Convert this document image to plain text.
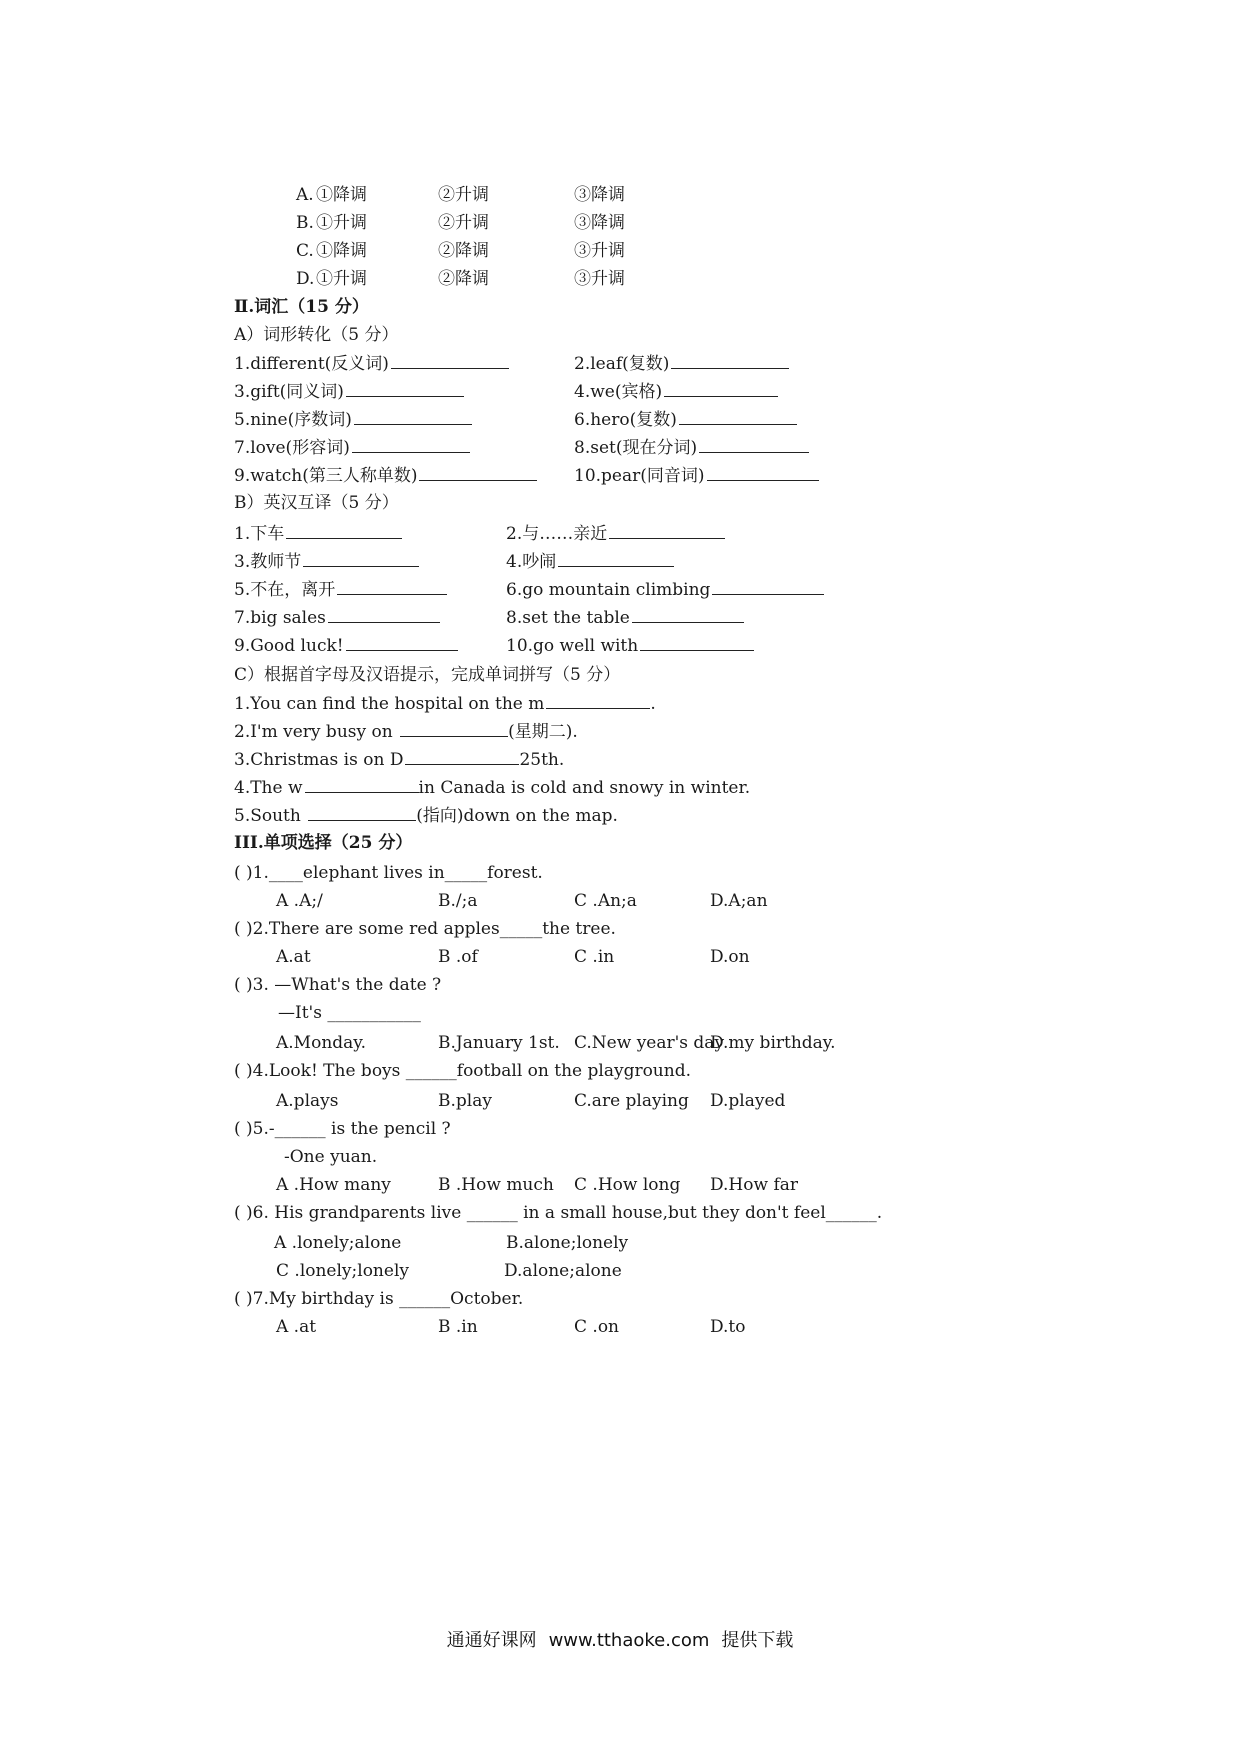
A. ①降调	②升调	③降调
B. ①升调	②升调	③降调
C. ①降调	②降调	③升调
D. ①升调	②降调	③升调
Ⅱ.词汇（15 分）
A）词形转化（5 分）
1.different(反义词)	2.leaf(复数)
3.gift(同义词)	4.we(宾格)
5.nine(序数词)	6.hero(复数)
7.love(形容词)	8.set(现在分词)
9.watch(第三人称单数)	10.pear(同音词)
B）英汉互译（5 分）
1.下车	2.与……亲近
3.教师节	4.吵闹
5.不在，离开	6.go mountain climbing
7.big sales	8.set the table
9.Good luck!	10.go well with
C）根据首字母及汉语提示，完成单词拼写（5 分）
1.You can find the hospital on the m	.
2.I'm very busy on	(星期二).
3.Christmas is on D	25th.
4.The w	in Canada is cold and snowy in winter.
5.South	(指向)down on the map.
III.单项选择（25 分）
( )1.____elephant lives in_____forest.
A .A;/	B./;a	C .An;a	D.A;an
( )2.There are some red apples_____the tree.
A.at	B .of	C .in	D.on
( )3. —What's the date ?
—It's ___________
A.Monday.	B.January 1st. C.New year's day
D.my birthday.
( )4.Look! The boys ______football on the playground.
A.plays	B.play	C.are playing D.played
( )5.-______ is the pencil ?
-One yuan.
A .How many	B .How much C .How long D.How far
( )6. His grandparents live ______ in a small house,but they don't feel______.
A .lonely;alone	B.alone;lonely
C .lonely;lonely	D.alone;alone
( )7.My birthday is ______October.
A .at	B .in	C .on	D.to
通通好课网 www.tthaoke.com 提供下载
